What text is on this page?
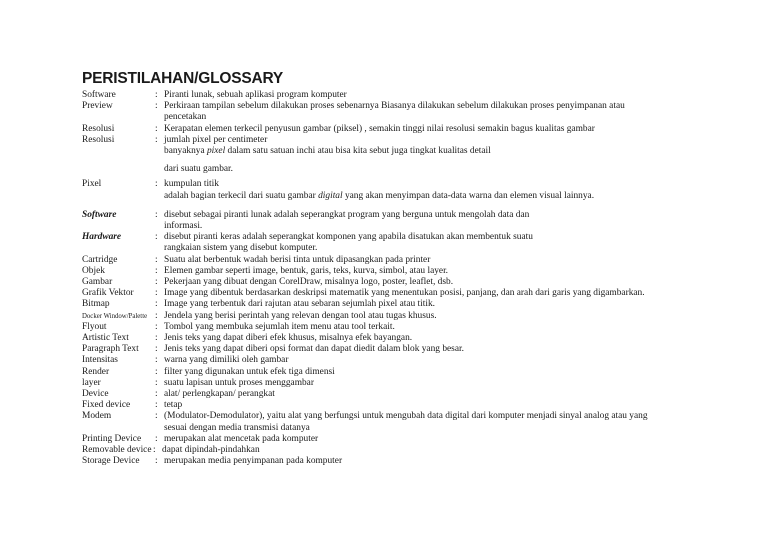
PERISTILAHAN/GLOSSARY
Software	: Piranti lunak, sebuah aplikasi program komputer
Preview	: Perkiraan tampilan sebelum dilakukan proses sebenarnya Biasanya dilakukan sebelum dilakukan proses penyimpanan atau
pencetakan
Resolusi	: Kerapatan elemen terkecil penyusun gambar (piksel) , semakin tinggi nilai resolusi semakin bagus kualitas gambar
Resolusi	: jumlah pixel per centimeter
banyaknya pixel dalam satu satuan inchi atau bisa kita sebut juga tingkat kualitas detail
dari suatu gambar.
Pixel	: kumpulan titik
adalah bagian terkecil dari suatu gambar digital yang akan menyimpan data-data warna dan elemen visual lainnya.
Software	: disebut sebagai piranti lunak adalah seperangkat program yang berguna untuk mengolah data dan
informasi.
Hardware	: disebut piranti keras adalah seperangkat komponen yang apabila disatukan akan membentuk suatu
rangkaian sistem yang disebut komputer.
Cartridge	: Suatu alat berbentuk wadah berisi tinta untuk dipasangkan pada printer
Objek	: Elemen gambar seperti image, bentuk, garis, teks, kurva, simbol, atau layer.
Gambar	: Pekerjaan yang dibuat dengan CorelDraw, misalnya logo, poster, leaflet, dsb.
Grafik Vektor : Image yang dibentuk berdasarkan deskripsi matematik yang menentukan posisi, panjang, dan arah dari garis yang digambarkan.
Bitmap	: Image yang terbentuk dari rajutan atau sebaran sejumlah pixel atau titik.
Docker Window/Palette : Jendela yang berisi perintah yang relevan dengan tool atau tugas khusus.
Flyout	: Tombol yang membuka sejumlah item menu atau tool terkait.
Artistic Text	: Jenis teks yang dapat diberi efek khusus, misalnya efek bayangan.
Paragraph Text : Jenis teks yang dapat diberi opsi format dan dapat diedit dalam blok yang besar.
Intensitas	: warna yang dimiliki oleh gambar
Render	: filter yang digunakan untuk efek tiga dimensi
layer	: suatu lapisan untuk proses menggambar
Device	: alat/ perlengkapan/ perangkat
Fixed device	: tetap
Modem	: (Modulator-Demodulator), yaitu alat yang berfungsi untuk mengubah data digital dari komputer menjadi sinyal analog atau yang
sesuai dengan media transmisi datanya
Printing Device : merupakan alat mencetak pada komputer
Removable device : dapat dipindah-pindahkan
Storage Device : merupakan media penyimpanan pada komputer
